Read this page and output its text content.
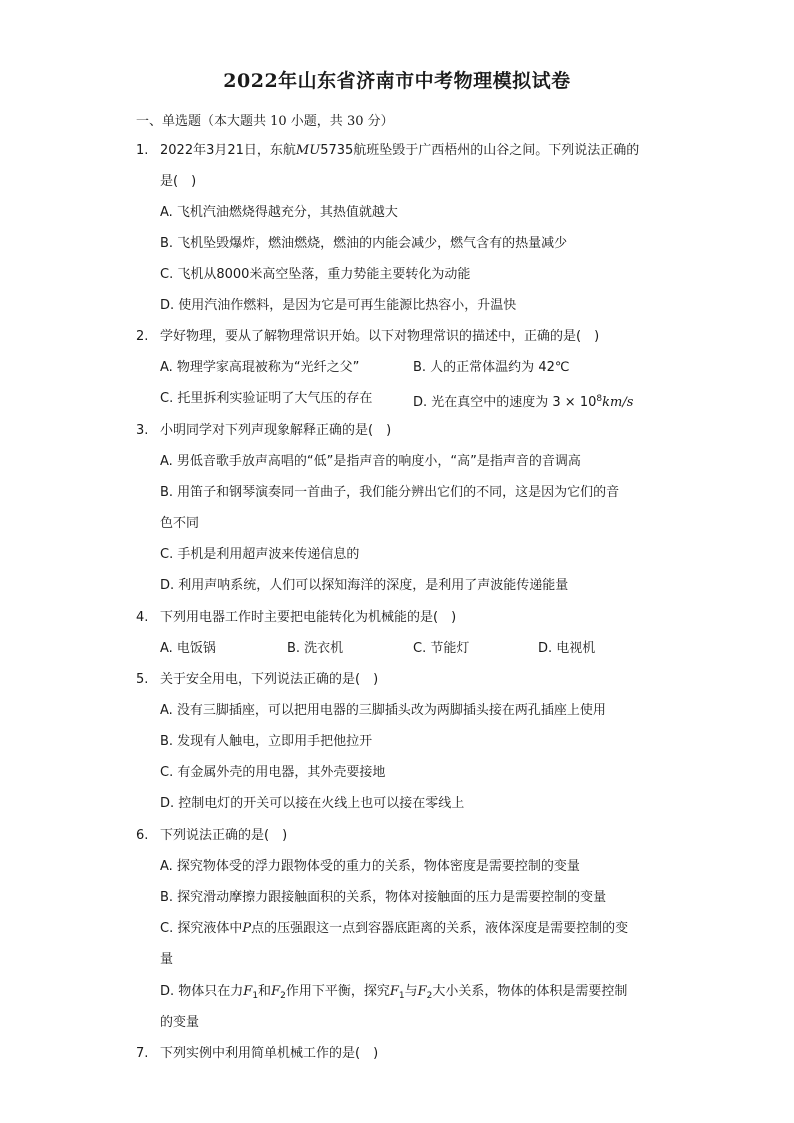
2022年山东省济南市中考物理模拟试卷
一、单选题（本大题共 10 小题，共 30 分）
1. 2022年3月21日，东航MU5735航班坠毁于广西梧州的山谷之间。下列说法正确的
是(　)
A. 飞机汽油燃烧得越充分，其热值就越大
B. 飞机坠毁爆炸，燃油燃烧，燃油的内能会减少，燃气含有的热量减少
C. 飞机从8000米高空坠落，重力势能主要转化为动能
D. 使用汽油作燃料，是因为它是可再生能源比热容小，升温快
2. 学好物理，要从了解物理常识开始。以下对物理常识的描述中，正确的是(　)
A. 物理学家高琨被称为“光纤之父”	B. 人的正常体温约为 42℃
C. 托里拆利实验证明了大气压的存在	D. 光在真空中的速度为 $3 \times 10^8km/s$
3. 小明同学对下列声现象解释正确的是(　)
A. 男低音歌手放声高唱的“低”是指声音的响度小，“高”是指声音的音调高
B. 用笛子和钢琴演奏同一首曲子，我们能分辨出它们的不同，这是因为它们的音
色不同
C. 手机是利用超声波来传递信息的
D. 利用声呐系统，人们可以探知海洋的深度，是利用了声波能传递能量
4. 下列用电器工作时主要把电能转化为机械能的是(　)
A. 电饭锅	B. 洗衣机	C. 节能灯	D. 电视机
5. 关于安全用电，下列说法正确的是(　)
A. 没有三脚插座，可以把用电器的三脚插头改为两脚插头接在两孔插座上使用
B. 发现有人触电，立即用手把他拉开
C. 有金属外壳的用电器，其外壳要接地
D. 控制电灯的开关可以接在火线上也可以接在零线上
6. 下列说法正确的是(　)
A. 探究物体受的浮力跟物体受的重力的关系，物体密度是需要控制的变量
B. 探究滑动摩擦力跟接触面积的关系，物体对接触面的压力是需要控制的变量
C. 探究液体中P点的压强跟这一点到容器底距离的关系，液体深度是需要控制的变
量
D. 物体只在力$F_1$和$F_2$作用下平衡，探究$F_1$与$F_2$大小关系，物体的体积是需要控制
的变量
7. 下列实例中利用简单机械工作的是(　)
